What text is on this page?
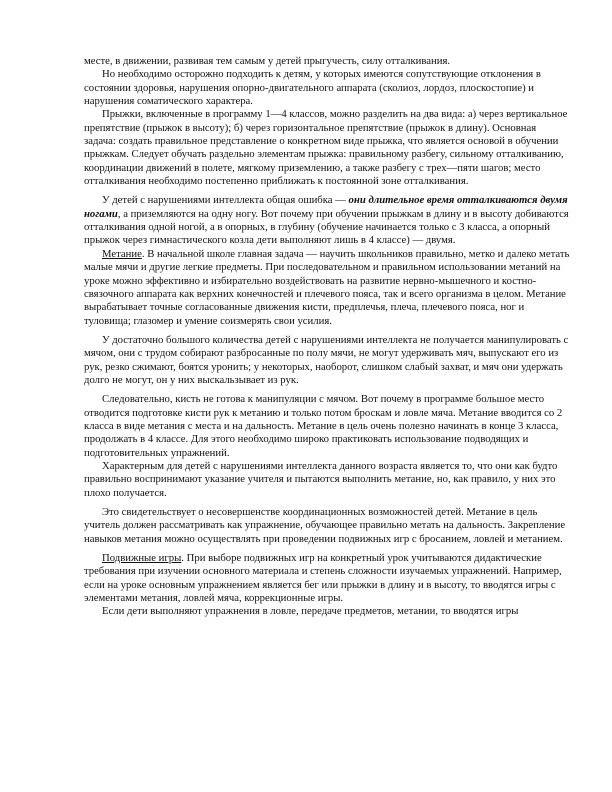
месте, в движении, развивая тем самым у детей прыгучесть, силу отталкивания.

Но необходимо осторожно подходить к детям, у которых имеются сопутствующие отклонения в состоянии здоровья, нарушения опорно-двигательного аппарата (сколиоз, лордоз, плоскостопие) и нарушения соматического характера.

Прыжки, включенные в программу 1—4 классов, можно разделить на два вида: а) через вертикальное препятствие (прыжок в высоту); б) через горизонтальное препятствие (прыжок в длину). Основная задача: создать правильное представление о конкретном виде прыжка, что является основой в обучении прыжкам. Следует обучать раздельно элементам прыжка: правильному разбегу, сильному отталкиванию, координации движений в полете, мягкому приземлению, а также разбегу с трех—пяти шагов; место отталкивания необходимо постепенно приближать к постоянной зоне отталкивания.

У детей с нарушениями интеллекта общая ошибка — они длительное время отталкиваются двумя ногами, а приземляются на одну ногу. Вот почему при обучении прыжкам в длину и в высоту добиваются отталкивания одной ногой, а в опорных, в глубину (обучение начинается только с 3 класса, а опорный прыжок через гимнастического козла дети выполняют лишь в 4 классе) — двумя.

Метание. В начальной школе главная задача — научить школьников правильно, метко и далеко метать малые мячи и другие легкие предметы. При последовательном и правильном использовании метаний на уроке можно эффективно и избирательно воздействовать на развитие нервно-мышечного и костно-связочного аппарата как верхних конечностей и плечевого пояса, так и всего организма в целом. Метание вырабатывает точные согласованные движения кисти, предплечья, плеча, плечевого пояса, ног и туловища; глазомер и умение соизмерять свои усилия.

У достаточно большого количества детей с нарушениями интеллекта не получается манипулировать с мячом, они с трудом собирают разбросанные по полу мячи, не могут удерживать мяч, выпускают его из рук, резко сжимают, боятся уронить; у некоторых, наоборот, слишком слабый захват, и мяч они удержать долго не могут, он у них выскальзывает из рук.

Следовательно, кисть не готова к манипуляции с мячом. Вот почему в программе большое место отводится подготовке кисти рук к метанию и только потом броскам и ловле мяча. Метание вводится со 2 класса в виде метания с места и на дальность. Метание в цель очень полезно начинать в конце 3 класса, продолжать в 4 классе. Для этого необходимо широко практиковать использование подводящих и подготовительных упражнений.

Характерным для детей с нарушениями интеллекта данного возраста является то, что они как будто правильно воспринимают указание учителя и пытаются выполнить метание, но, как правило, у них это плохо получается.

Это свидетельствует о несовершенстве координационных возможностей детей. Метание в цель учитель должен рассматривать как упражнение, обучающее правильно метать на дальность. Закрепление навыков метания можно осуществлять при проведении подвижных игр с бросанием, ловлей и метанием.

Подвижные игры. При выборе подвижных игр на конкретный урок учитываются дидактические требования при изучении основного материала и степень сложности изучаемых упражнений. Например, если на уроке основным упражнением является бег или прыжки в длину и в высоту, то вводятся игры с элементами метания, ловлей мяча, коррекционные игры.

Если дети выполняют упражнения в ловле, передаче предметов, метании, то вводятся игры
